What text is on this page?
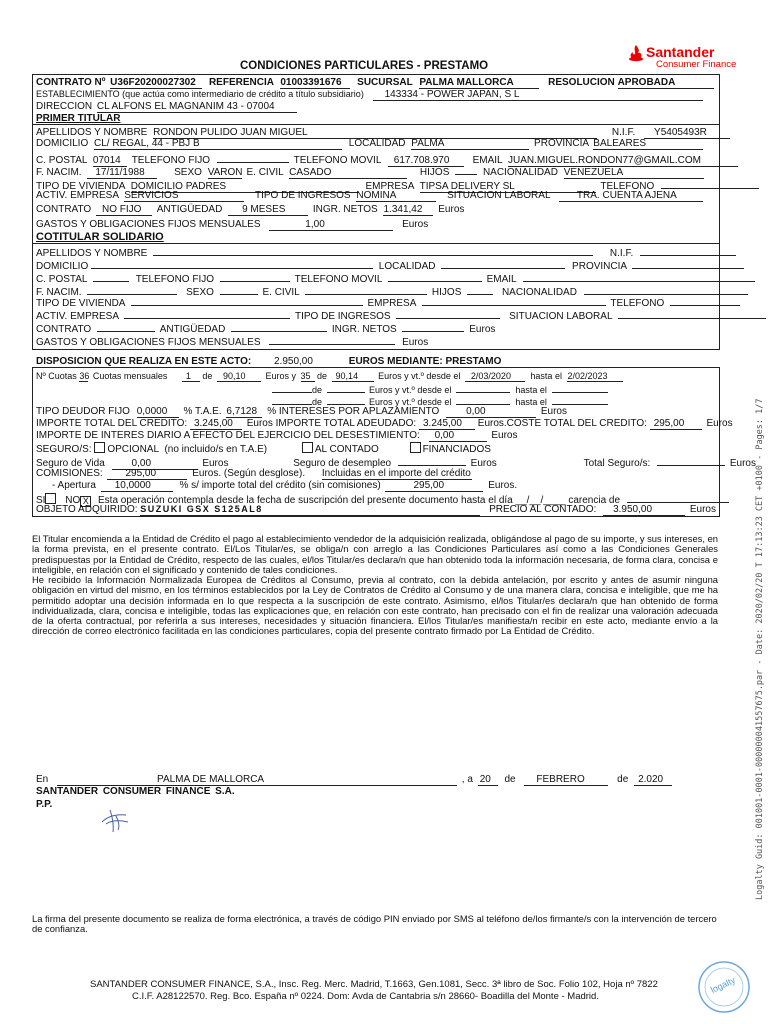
CONDICIONES PARTICULARES - PRESTAMO
Santander
Consumer Finance
CONTRATO Nº U36F20200027302 REFERENCIA 01003391676 SUCURSAL PALMA MALLORCA	RESOLUCION APROBADA
ESTABLECIMIENTO (que actúa como intermediario de crédito a título subsidiario) 143334 - POWER JAPAN, S L
DIRECCION CL ALFONS EL MAGNANIM 43 - 07004
PRIMER TITULAR
APELLIDOS Y NOMBRE RONDON PULIDO JUAN MIGUEL	N.I.F. Y5405493R
DOMICILIO CL/ REGAL, 44 - PBJ B	LOCALIDAD PALMA	PROVINCIA BALEARES
C. POSTAL 07014 TELEFONO FIJO	TELEFONO MOVIL 617.708.970 EMAIL JUAN.MIGUEL.RONDON77@GMAIL.COM
F. NACIM. 17/11/1988	SEXO VARON E. CIVIL CASADO	HIJOS	NACIONALIDAD VENEZUELA
TIPO DE VIVIENDA DOMICILIO PADRES	EMPRESA TIPSA DELIVERY SL	TELEFONO
ACTIV. EMPRESA SERVICIOS	TIPO DE INGRESOS NOMINA	SITUACION LABORAL	TRA. CUENTA AJENA
CONTRATO NO FIJO ANTIGÜEDAD 9 MESES	INGR. NETOS 1.341,42 Euros
GASTOS Y OBLIGACIONES FIJOS MENSUALES	1,00	Euros
COTITULAR SOLIDARIO
APELLIDOS Y NOMBRE	N.I.F.
DOMICILIO	LOCALIDAD	PROVINCIA
C. POSTAL	TELEFONO FIJO	TELEFONO MOVIL	EMAIL
F. NACIM.	SEXO	E. CIVIL	HIJOS	NACIONALIDAD
TIPO DE VIVIENDA	EMPRESA	TELEFONO
ACTIV. EMPRESA	TIPO DE INGRESOS	SITUACION LABORAL
CONTRATO	ANTIGÜEDAD	INGR. NETOS	Euros
GASTOS Y OBLIGACIONES FIJOS MENSUALES	Euros
DISPOSICION QUE REALIZA EN ESTE ACTO: 2.950,00	EUROS MEDIANTE: PRESTAMO
Nº Cuotas 36 Cuotas mensuales 1 de 90,10 Euros y 35 de 90,14 Euros y vt.º desde el 2/03/2020 hasta el 2/02/2023
de	Euros y vt.º desde el	hasta el
de	Euros y vt.º desde el	hasta el
TIPO DEUDOR FIJO 0,0000 % T.A.E. 6,7128 % INTERESES POR APLAZAMIENTO	0,00	Euros
IMPORTE TOTAL DEL CREDITO: 3.245,00 Euros IMPORTE TOTAL ADEUDADO: 3.245,00 Euros.COSTE TOTAL DEL CREDITO: 295,00 Euros
IMPORTE DE INTERES DIARIO A EFECTO DEL EJERCICIO DEL DESESTIMIENTO: 0,00	Euros
SEGURO/S: OPCIONAL (no incluido/s en T.A.E)	AL CONTADO	FINANCIADOS
Seguro de Vida	0,00	Euros	Seguro de desempleo	Euros	Total Seguro/s:	Euros
COMISIONES: 295,00	Euros. (Según desglose). Incluidas en el importe del crédito
- Apertura 10,0000	% s/ importe total del crédito (sin comisiones)	295,00	Euros.
SI NO X Esta operación contempla desde la fecha de suscripción del presente documento hasta el día __/__/____ carencia de
OBJETO ADQUIRIDO: SUZUKI GSX S125AL8	PRECIO AL CONTADO: 3.950,00	Euros
El Titular encomienda a la Entidad de Crédito el pago al establecimiento vendedor de la adquisición realizada, obligándose al pago de su importe, y sus intereses, en la forma prevista, en el presente contrato. El/Los Titular/es, se obliga/n con arreglo a las Condiciones Particulares así como a las Condiciones Generales predispuestas por la Entidad de Crédito, respecto de las cuales, el/los Titular/es declara/n que han obtenido toda la información necesaria, de forma clara, concisa e inteligible, en relación con el significado y contenido de tales condiciones.
He recibido la Información Normalizada Europea de Créditos al Consumo, previa al contrato, con la debida antelación, por escrito y antes de asumir ninguna obligación en virtud del mismo, en los términos establecidos por la Ley de Contratos de Crédito al Consumo y de una manera clara, concisa e inteligible, que me ha permitido adoptar una decisión informada en lo que respecta a la suscripción de este contrato. Asimismo, el/los Titular/es declara/n que han obtenido de forma individualizada, clara, concisa e inteligible, todas las explicaciones que, en relación con este contrato, han precisado con el fin de realizar una valoración adecuada de la oferta contractual, por referirla a sus intereses, necesidades y situación financiera. El/los Titular/es manifiesta/n recibir en este acto, mediante envío a la dirección de correo electrónico facilitada en las condiciones particulares, copia del presente contrato firmado por La Entidad de Crédito.
En	PALMA DE MALLORCA	, a 20 de FEBRERO	de 2.020
SANTANDER CONSUMER FINANCE S.A.
P.P.
La firma del presente documento se realiza de forma electrónica, a través de código PIN enviado por SMS al teléfono de/los firmante/s con la intervención de tercero de confianza.
SANTANDER CONSUMER FINANCE, S.A., Insc. Reg. Merc. Madrid, T.1663, Gen.1081, Secc. 3ª libro de Soc. Folio 102, Hoja nº 7822
C.I.F. A28122570. Reg. Bco. España nº 0224. Dom: Avda de Cantabria s/n 28660- Boadilla del Monte - Madrid.
Logalty Guid: 001001-0001-000000041557675.par - Date: 2020/02/20 T 17:13:23 CET +0100 - Pages: 1/7
logalty
